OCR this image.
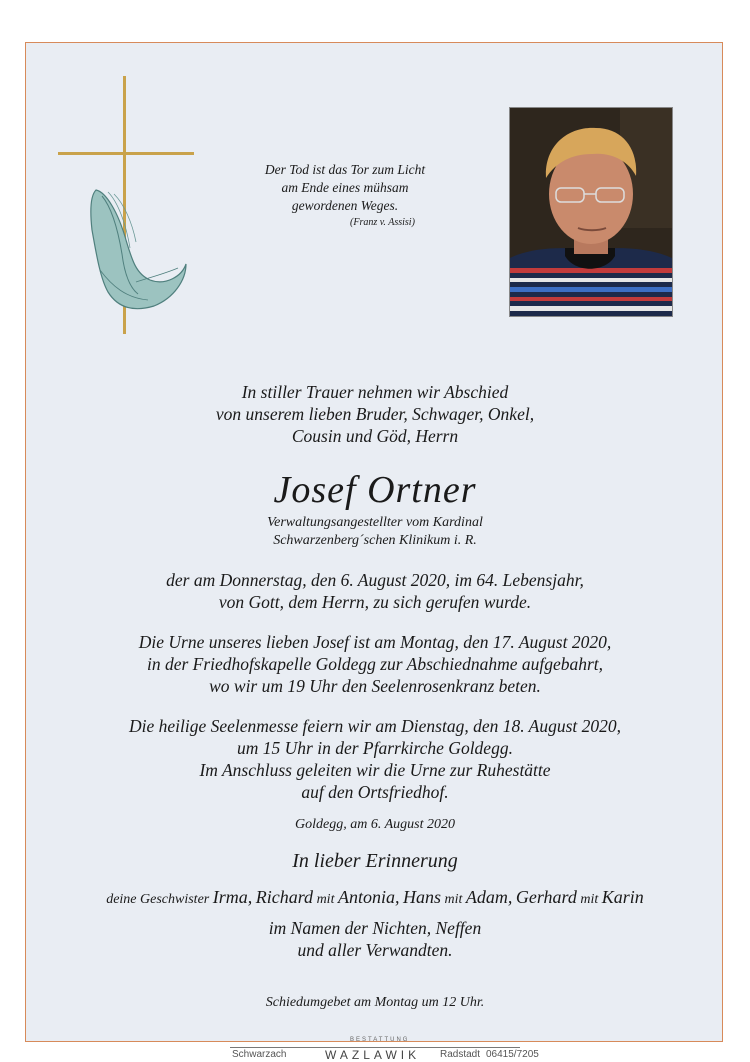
Der Tod ist das Tor zum Licht
am Ende eines mühsam
gewordenen Weges.
(Franz v. Assisi)
In stiller Trauer nehmen wir Abschied
von unserem lieben Bruder, Schwager, Onkel,
Cousin und Göd, Herrn
Josef Ortner
Verwaltungsangestellter vom Kardinal
Schwarzenberg´schen Klinikum i. R.
der am Donnerstag, den 6. August 2020, im 64. Lebensjahr,
von Gott, dem Herrn, zu sich gerufen wurde.
Die Urne unseres lieben Josef ist am Montag, den 17. August 2020,
in der Friedhofskapelle Goldegg zur Abschiednahme aufgebahrt,
wo wir um 19 Uhr den Seelenrosenkranz beten.
Die heilige Seelenmesse feiern wir am Dienstag, den 18. August 2020,
um 15 Uhr in der Pfarrkirche Goldegg.
Im Anschluss geleiten wir die Urne zur Ruhestätte
auf den Ortsfriedhof.
Goldegg, am 6. August 2020
In lieber Erinnerung
deine Geschwister Irma, Richard mit Antonia, Hans mit Adam, Gerhard mit Karin
im Namen der Nichten, Neffen
und aller Verwandten.
Schiedumgebet am Montag um 12 Uhr.
BESTATTUNG
Schwarzach	WAZLAWIK Radstadt 06415/7205
